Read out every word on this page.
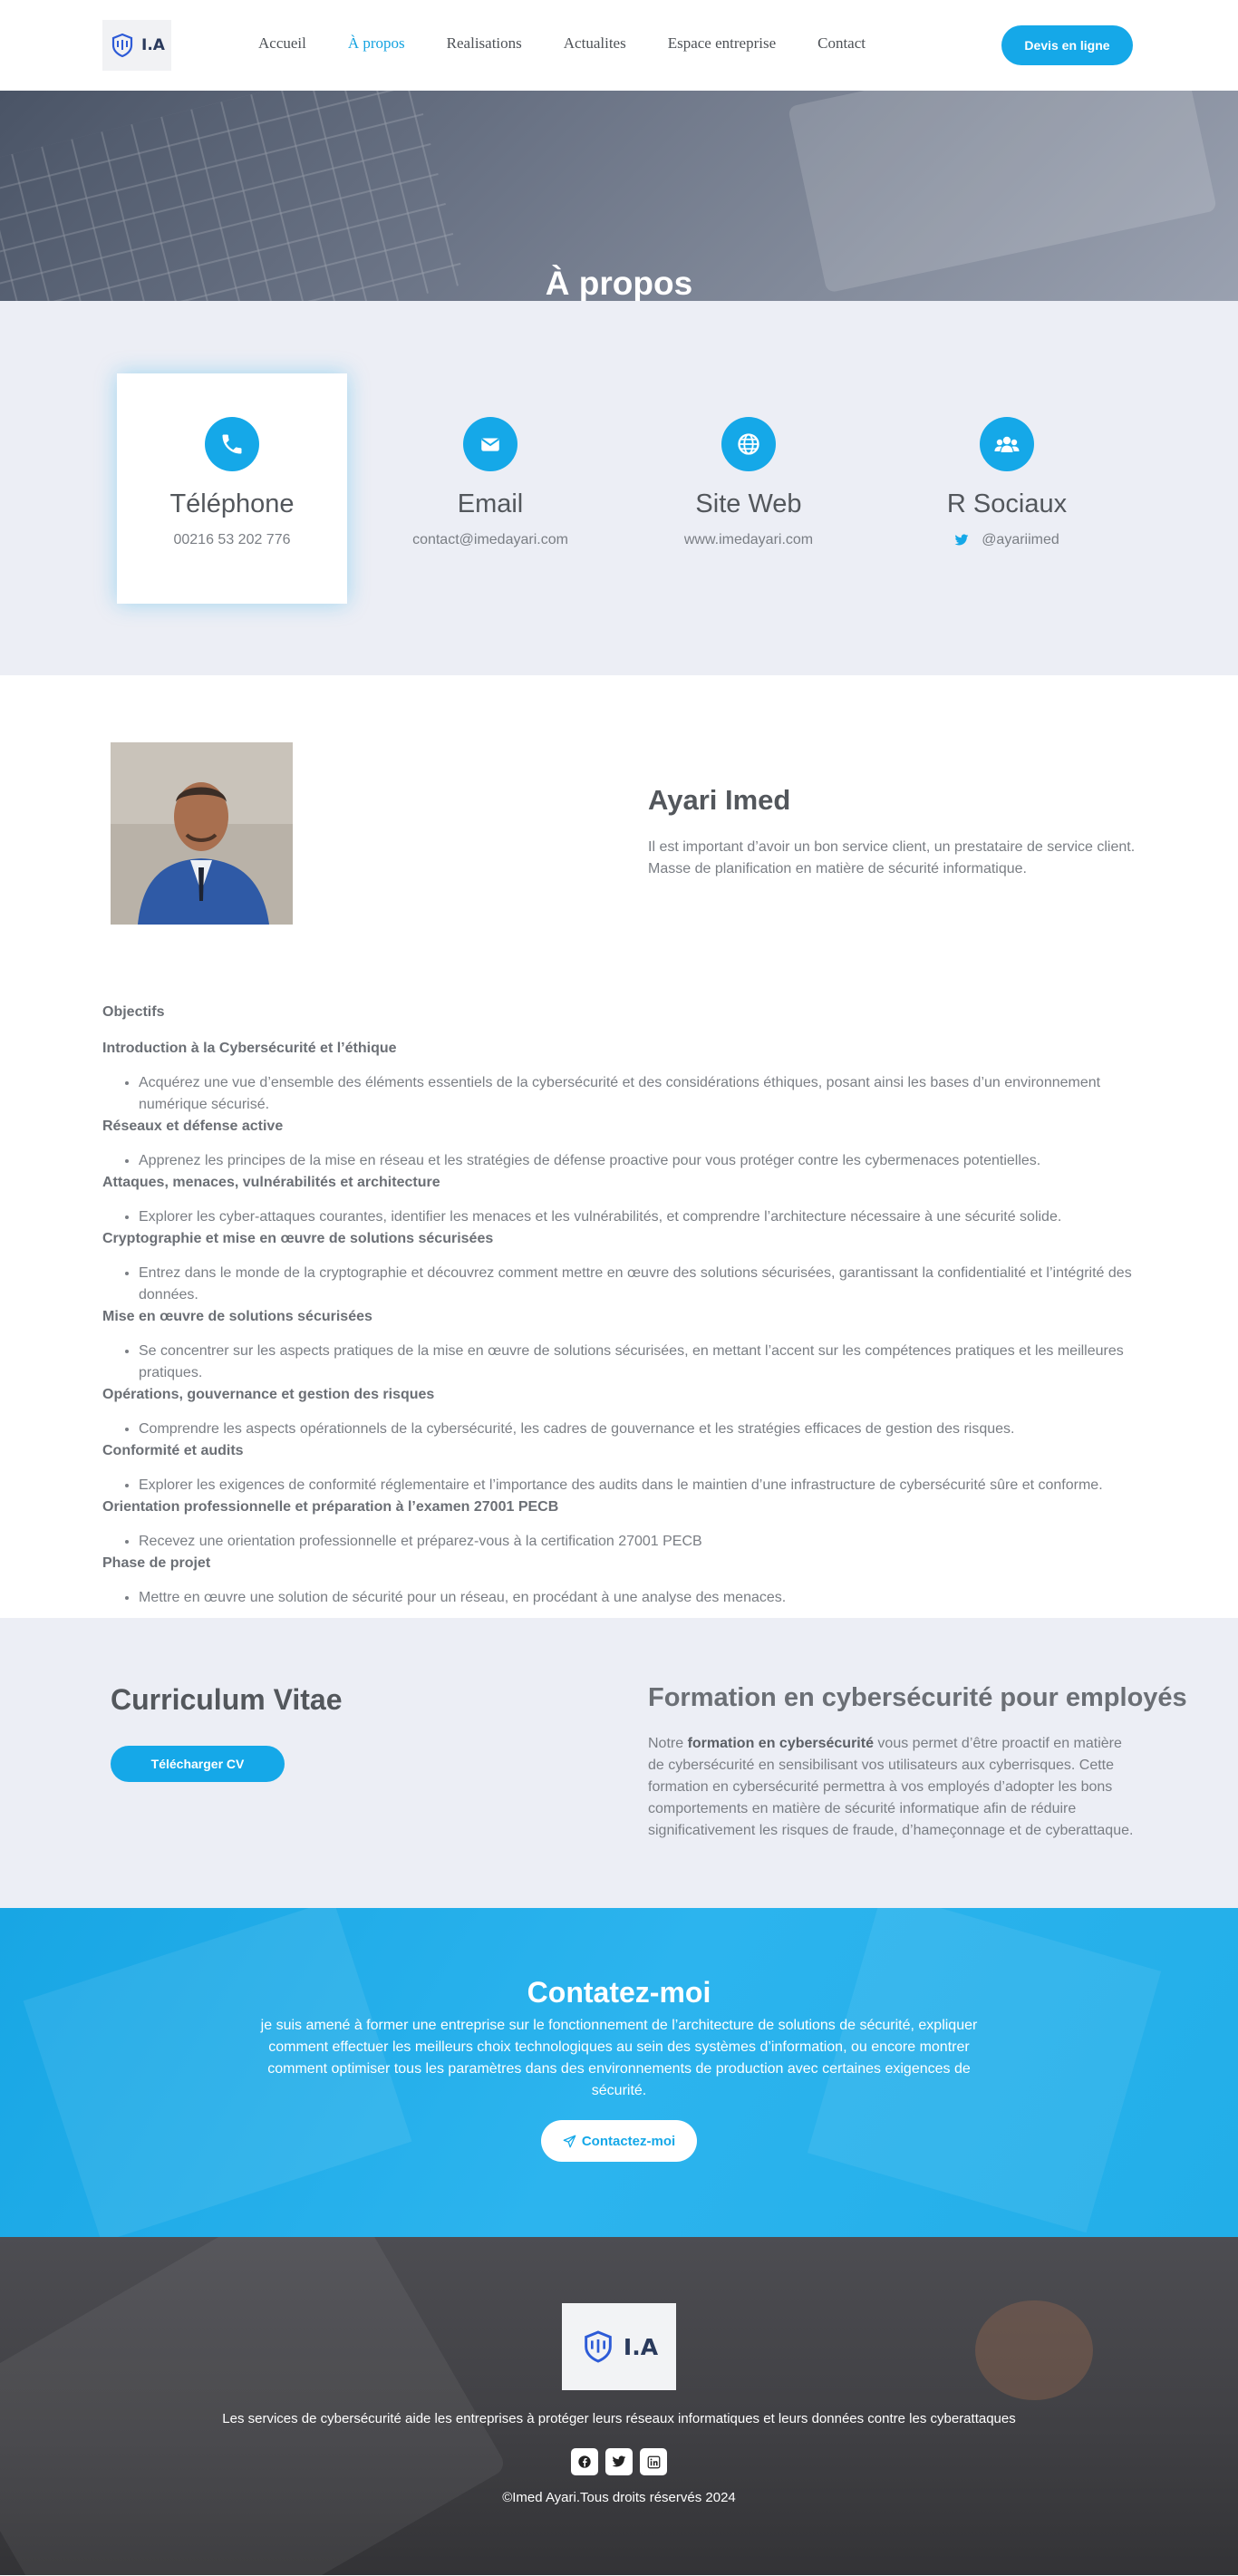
I.A	Accueil	À propos	Realisations	Actualites	Espace entreprise	Contact	Devis en ligne
À propos
Téléphone
00216 53 202 776
Email
contact@imedayari.com
Site Web
www.imedayari.com
R Sociaux
@ayariimed
Ayari Imed

Il est important d’avoir un bon service client, un prestataire de service client. Masse de planification en matière de sécurité informatique.

Objectifs
Introduction à la Cybersécurité et l’éthique
• Acquérez une vue d’ensemble des éléments essentiels de la cybersécurité et des considérations éthiques, posant ainsi les bases d’un environnement numérique sécurisé.
Réseaux et défense active
• Apprenez les principes de la mise en réseau et les stratégies de défense proactive pour vous protéger contre les cybermenaces potentielles.
Attaques, menaces, vulnérabilités et architecture
• Explorer les cyber-attaques courantes, identifier les menaces et les vulnérabilités, et comprendre l’architecture nécessaire à une sécurité solide.
Cryptographie et mise en œuvre de solutions sécurisées
• Entrez dans le monde de la cryptographie et découvrez comment mettre en œuvre des solutions sécurisées, garantissant la confidentialité et l’intégrité des données.
Mise en œuvre de solutions sécurisées
• Se concentrer sur les aspects pratiques de la mise en œuvre de solutions sécurisées, en mettant l’accent sur les compétences pratiques et les meilleures pratiques.
Opérations, gouvernance et gestion des risques
• Comprendre les aspects opérationnels de la cybersécurité, les cadres de gouvernance et les stratégies efficaces de gestion des risques.
Conformité et audits
• Explorer les exigences de conformité réglementaire et l’importance des audits dans le maintien d’une infrastructure de cybersécurité sûre et conforme.
Orientation professionnelle et préparation à l’examen 27001 PECB
• Recevez une orientation professionnelle et préparez-vous à la certification 27001 PECB
Phase de projet
• Mettre en œuvre une solution de sécurité pour un réseau, en procédant à une analyse des menaces.
Curriculum Vitae
Télécharger CV
Formation en cybersécurité pour employés

Notre formation en cybersécurité vous permet d’être proactif en matière de cybersécurité en sensibilisant vos utilisateurs aux cyberrisques. Cette formation en cybersécurité permettra à vos employés d’adopter les bons comportements en matière de sécurité informatique afin de réduire significativement les risques de fraude, d’hameçonnage et de cyberattaque.

Contatez-moi

je suis amené à former une entreprise sur le fonctionnement de l’architecture de solutions de sécurité, expliquer comment effectuer les meilleurs choix technologiques au sein des systèmes d’information, ou encore montrer comment optimiser tous les paramètres dans des environnements de production avec certaines exigences de sécurité.

Contactez-moi
I.A

Les services de cybersécurité aide les entreprises à protéger leurs réseaux informatiques et leurs données contre les cyberattaques

©Imed Ayari.Tous droits réservés 2024
